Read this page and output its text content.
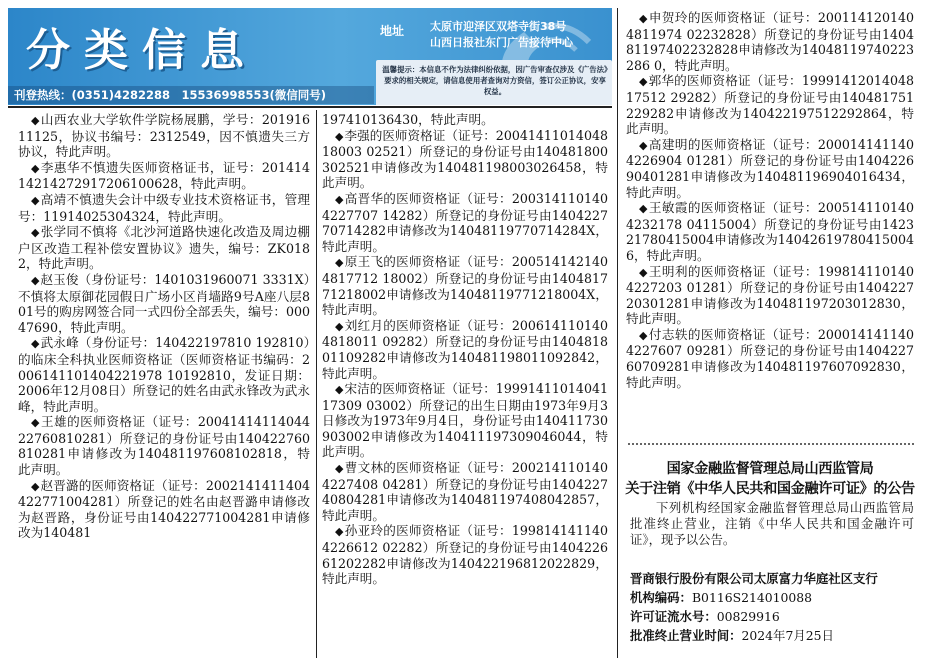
分类信息	地址	太原市迎泽区双塔寺街38号
山西日报社东门广告接待中心
温馨提示：本信息不作为法律纠纷依据，因广告审查仅涉及《广告法》要求的相关规定，请信息使用者查询对方资信，签订公正协议，安享权益。
刊登热线：(0351)4282288　15536998553(微信同号)

◆ 山西农业大学软件学院杨展鹏，学号：20191611125，协议书编号：2312549，因不慎遗失三方协议，特此声明。

◆ 李惠华不慎遗失医师资格证书，证号：20141414214272917206100628，特此声明。

◆ 高靖不慎遗失会计中级专业技术资格证书，管理号：11914025304324，特此声明。

◆ 张学同不慎将《北沙河道路快速化改造及周边棚户区改造工程补偿安置协议》遗失，编号：ZK0182，特此声明。

◆ 赵玉俊（身份证号：1401031960071 3331X）不慎将太原御花园假日广场小区肖墙路9号A座八层801号的购房网签合同一式四份全部丢失，编号：00047690，特此声明。

◆ 武永峰（身份证号：140422197810 192810）的临床全科执业医师资格证（医师资格证书编码：2006141101404221978 10192810，发证日期：2006年12月08日）所登记的姓名由武永锋改为武永峰，特此声明。

◆ 王雄的医师资格证（证号：2004141411404422760810281）所登记的身份证号由140422760810281申请修改为140481197608102818，特此声明。

◆ 赵晋潞的医师资格证（证号：2002141411404422771004281）所登记的姓名由赵晋潞申请修改为赵晋路，身份证号由140422771004281申请修改为140481

197410136430，特此声明。

◆ 李强的医师资格证（证号：2004141101404818003 02521）所登记的身份证号由140481800302521申请修改为140481198003026458，特此声明。

◆ 高晋华的医师资格证（证号：2003141101404227707 14282）所登记的身份证号由140422770714282申请修改为14048119770714284X，特此声明。

◆ 原王飞的医师资格证（证号：2005141421404817712 18002）所登记的身份证号由140481771218002申请修改为14048119771218004X，特此声明。

◆ 刘红月的医师资格证（证号：2006141101404818011 09282）所登记的身份证号由140481801109282申请修改为140481198011092842，特此声明。

◆ 宋洁的医师资格证（证号：1999141101404117309 03002）所登记的出生日期由1973年9月3日修改为1973年9月4日，身份证号由140411730903002申请修改为140411197309046044，特此声明。

◆ 曹文林的医师资格证（证号：2002141101404227408 04281）所登记的身份证号由140422740804281申请修改为140481197408042857，特此声明。

◆ 孙亚玲的医师资格证（证号：1998141411404226612 02282）所登记的身份证号由140422661202282申请修改为140422196812022829，特此声明。

◆ 申贺玲的医师资格证（证号：2001141201404811974 02232828）所登记的身份证号由140481197402232828申请修改为14048119740223286 0，特此声明。

◆ 郭华的医师资格证（证号：1999141201404817512 29282）所登记的身份证号由140481751229282申请修改为140422197512292864，特此声明。

◆ 高建明的医师资格证（证号：2000141411404226904 01281）所登记的身份证号由140422690401281申请修改为140481196904016434，特此声明。

◆ 王敏霞的医师资格证（证号：2005141101404232178 04115004）所登记的身份证号由142321780415004申请修改为140426197804150046，特此声明。

◆ 王明利的医师资格证（证号：1998141101404227203 01281）所登记的身份证号由140422720301281申请修改为140481197203012830，特此声明。

◆ 付志轶的医师资格证（证号：2000141411404227607 09281）所登记的身份证号由140422760709281申请修改为140481197607092830，特此声明。

国家金融监督管理总局山西监管局
关于注销《中华人民共和国金融许可证》的公告
下列机构经国家金融监督管理总局山西监管局批准终止营业，注销《中华人民共和国金融许可证》，现予以公告。
晋商银行股份有限公司太原富力华庭社区支行
机构编码：B0116S214010088
许可证流水号：00829916
批准终止营业时间：2024年7月25日
